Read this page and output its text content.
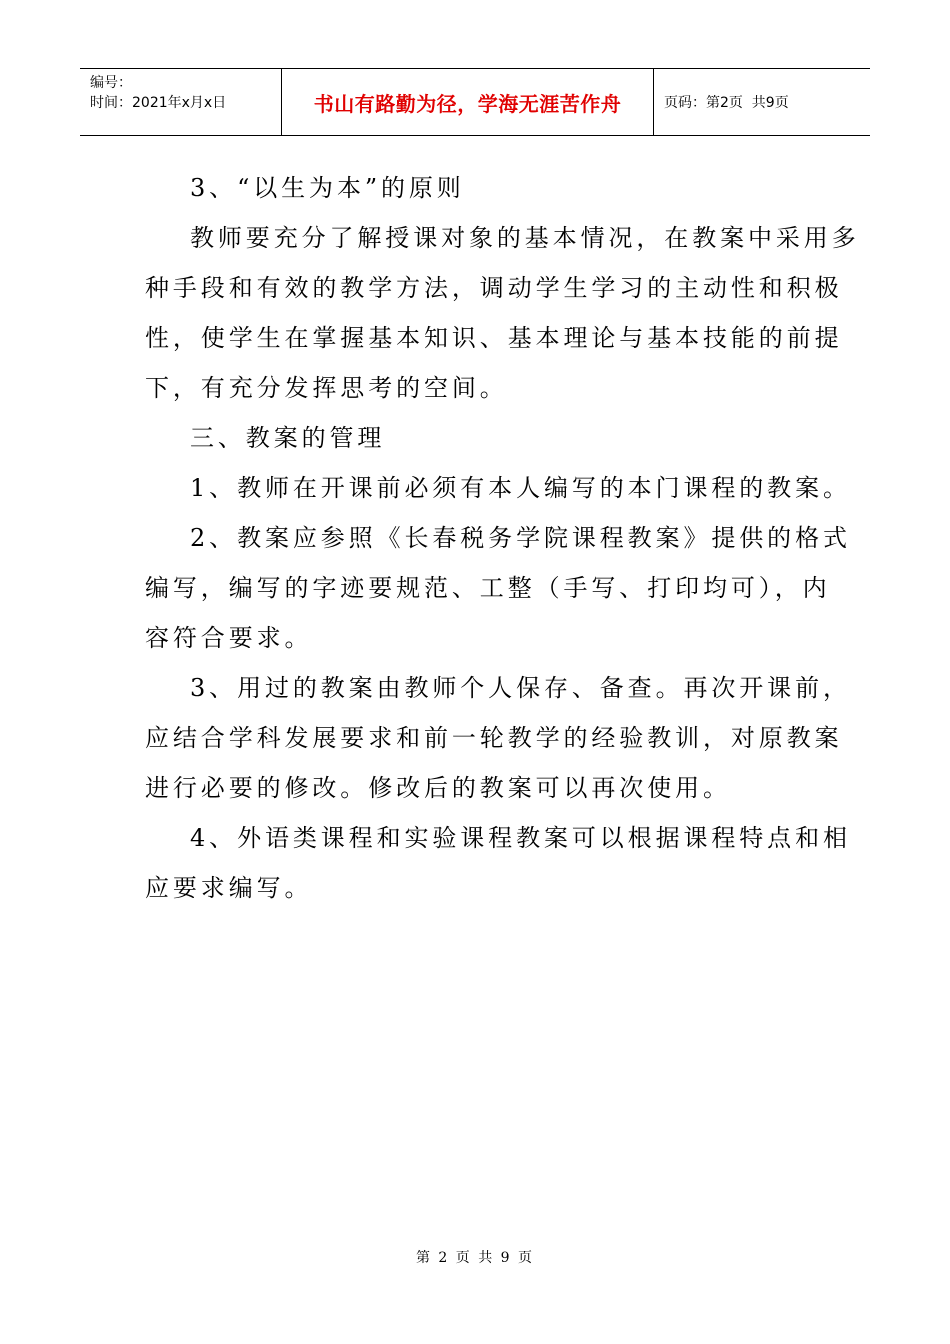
编号：
时间：2021年x月x日	书山有路勤为径，学海无涯苦作舟	页码：第2页  共9页
3、“以生为本”的原则
教师要充分了解授课对象的基本情况，在教案中采用多
种手段和有效的教学方法，调动学生学习的主动性和积极
性，使学生在掌握基本知识、基本理论与基本技能的前提
下，有充分发挥思考的空间。
三、教案的管理
1、教师在开课前必须有本人编写的本门课程的教案。
2、教案应参照《长春税务学院课程教案》提供的格式
编写，编写的字迹要规范、工整（手写、打印均可），内
容符合要求。
3、用过的教案由教师个人保存、备查。再次开课前，
应结合学科发展要求和前一轮教学的经验教训，对原教案
进行必要的修改。修改后的教案可以再次使用。
4、外语类课程和实验课程教案可以根据课程特点和相
应要求编写。
第 2 页 共 9 页
